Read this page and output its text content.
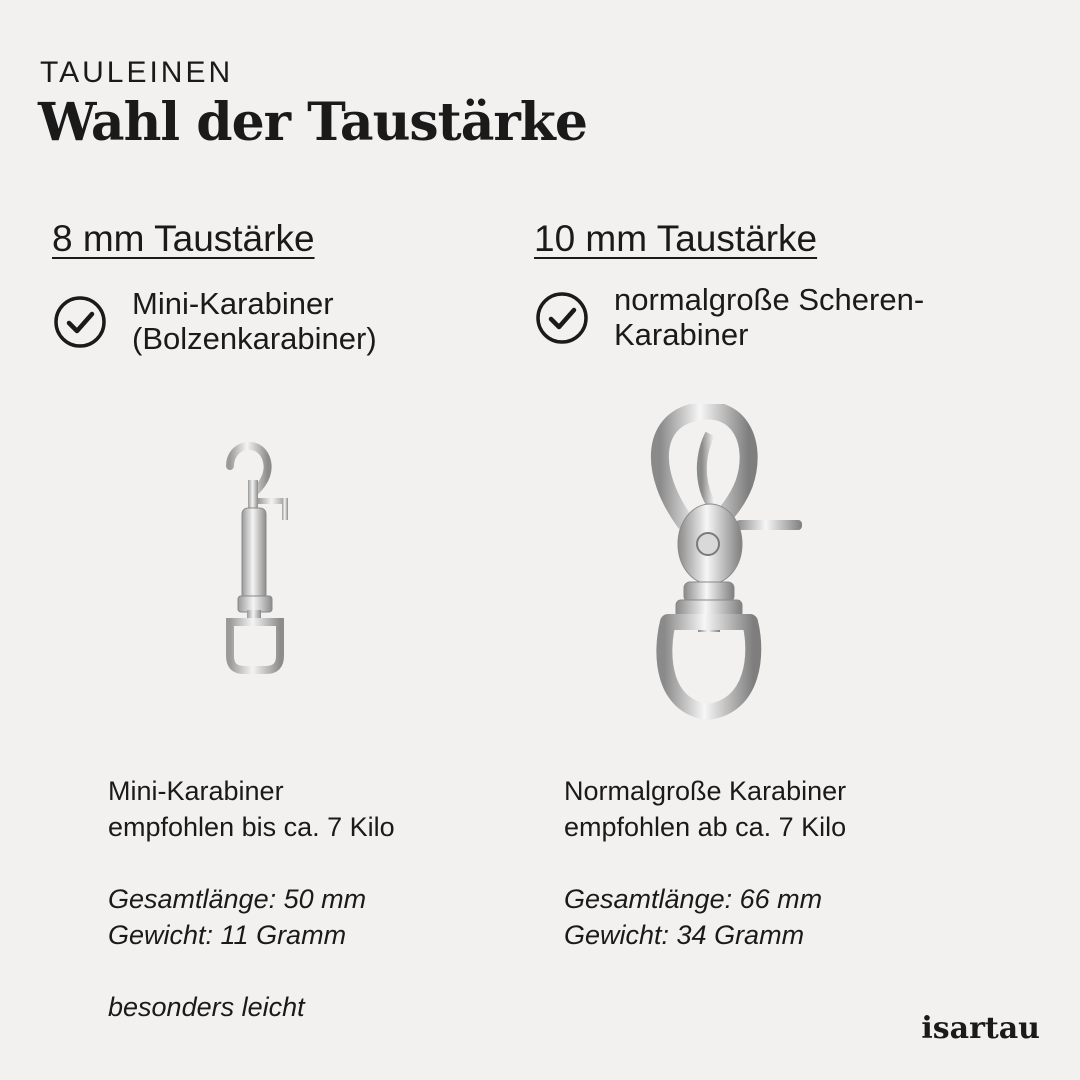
TAULEINEN
Wahl der Taustärke
8 mm Taustärke
Mini-Karabiner
(Bolzenkarabiner)
10 mm Taustärke
normalgroße Scheren-
Karabiner

Mini-Karabiner

empfohlen bis ca. 7 Kilo

Gesamtlänge: 50 mm

Gewicht: 11 Gramm

besonders leicht

Normalgroße Karabiner

empfohlen ab ca. 7 Kilo

Gesamtlänge: 66 mm

Gewicht: 34 Gramm

isartau
